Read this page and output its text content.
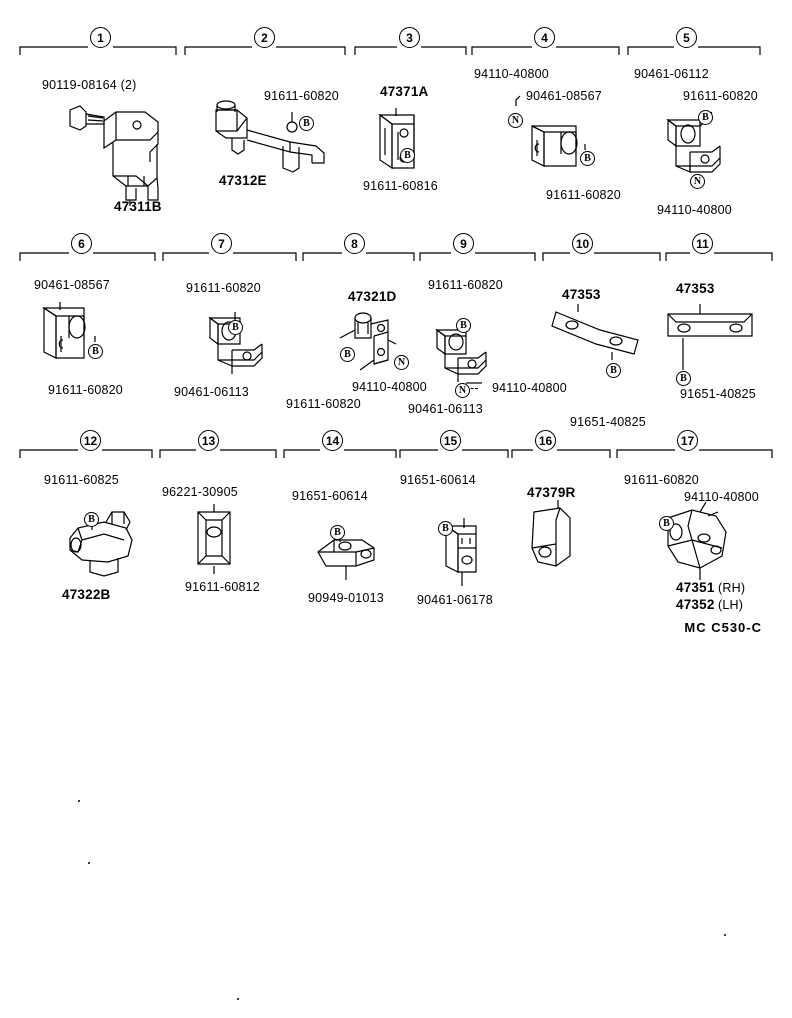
1	2	3	4	5
6	7	8	9	10	11
12	13	14	15	16	17
B
B
N
B
B
N
B
B
B
N
B
N
B
B
B
B	B	B
90119-08164 (2)
47311B
91611-60820
47312E
47371A
91611-60816
94110-40800
90461-08567
91611-60820
90461-06112
91611-60820
94110-40800
90461-08567
91611-60820
91611-60820
90461-06113
47321D
91611-60820
94110-40800
91611-60820
94110-40800
90461-06113
--
47353
91651-40825
47353
91651-40825
91611-60825
47322B
96221-30905
91611-60812
91651-60614
90949-01013
91651-60614
90461-06178
47379R
91611-60820
94110-40800
47351 (RH)
47352 (LH)
MC C530-C
